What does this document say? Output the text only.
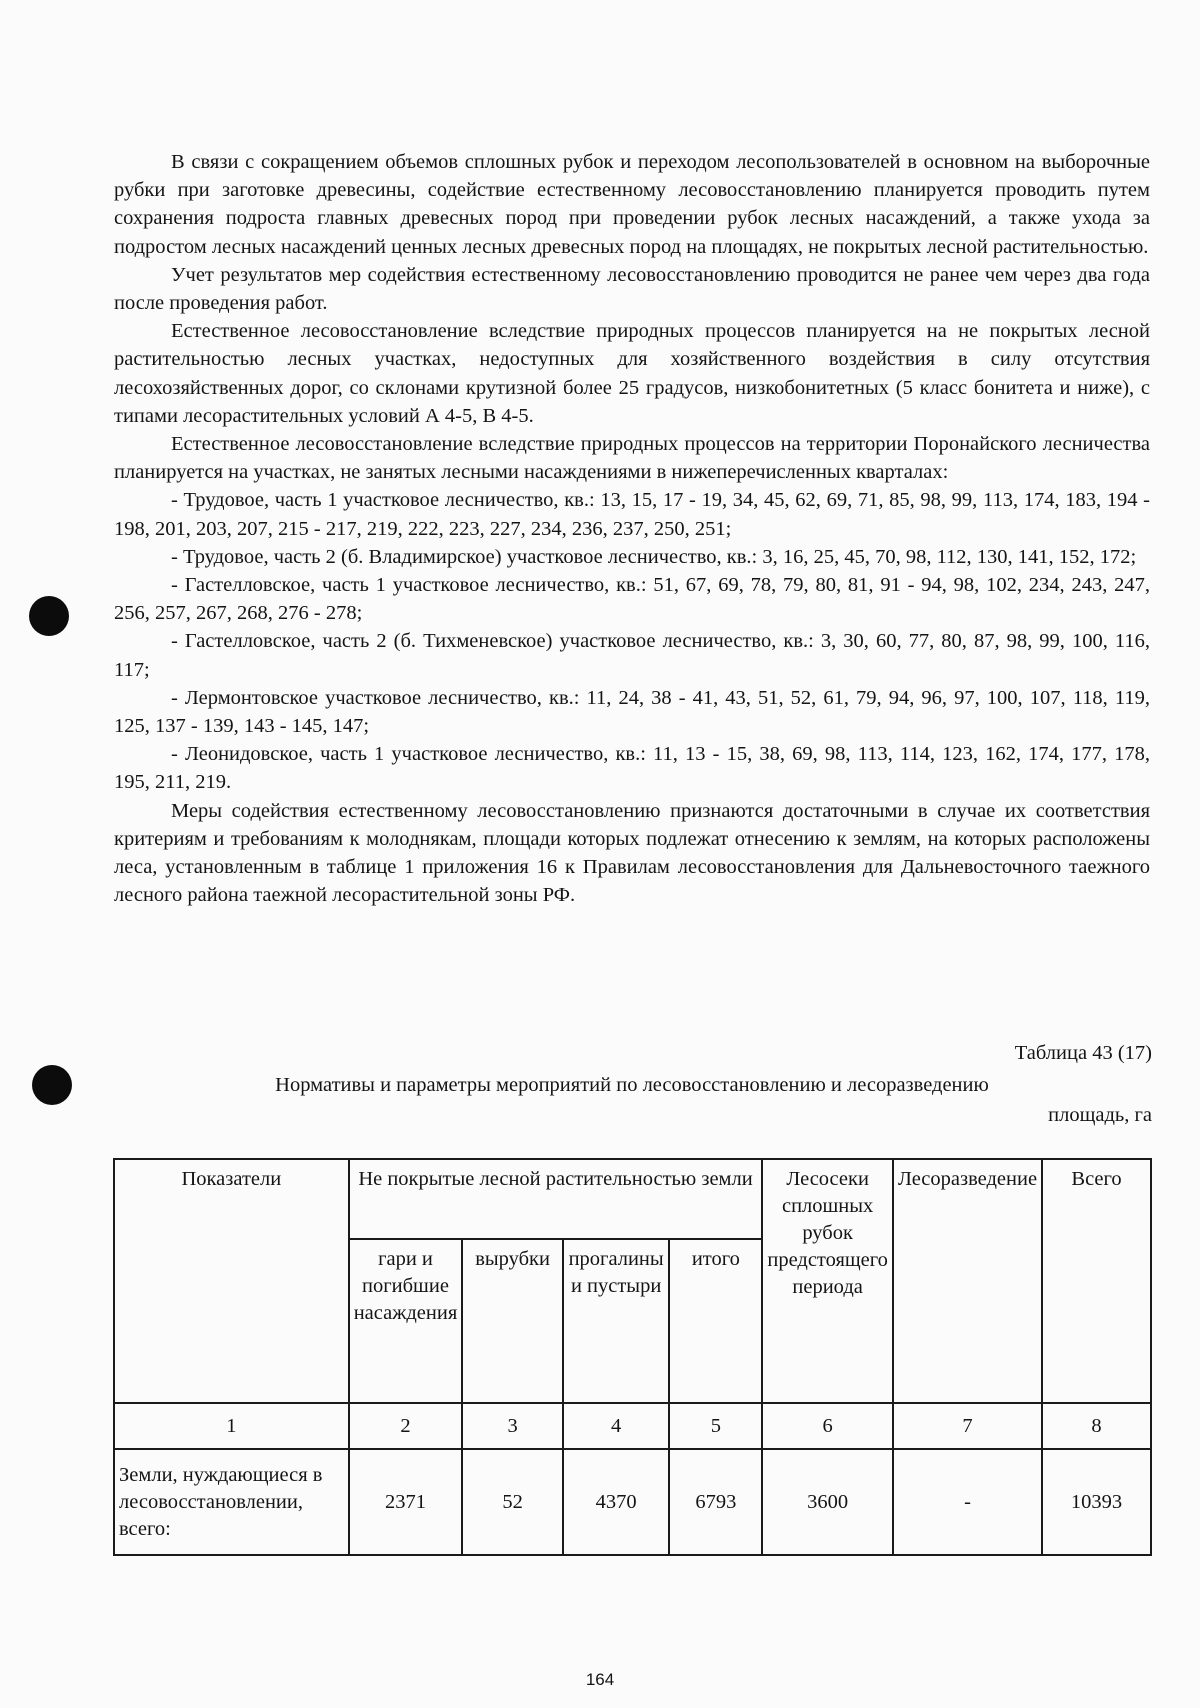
В связи с сокращением объемов сплошных рубок и переходом лесопользователей в основном на выборочные рубки при заготовке древесины, содействие естественному лесовосстановлению планируется проводить путем сохранения подроста главных древесных пород при проведении рубок лесных насаждений, а также ухода за подростом лесных насаждений ценных лесных древесных пород на площадях, не покрытых лесной растительностью.

Учет результатов мер содействия естественному лесовосстановлению проводится не ранее чем через два года после проведения работ.

Естественное лесовосстановление вследствие природных процессов планируется на не покрытых лесной растительностью лесных участках, недоступных для хозяйственного воздействия в силу отсутствия лесохозяйственных дорог, со склонами крутизной более 25 градусов, низкобонитетных (5 класс бонитета и ниже), с типами лесорастительных условий А 4-5, В 4-5.

Естественное лесовосстановление вследствие природных процессов на территории Поронайского лесничества планируется на участках, не занятых лесными насаждениями в нижеперечисленных кварталах:

- Трудовое, часть 1 участковое лесничество, кв.: 13, 15, 17 - 19, 34, 45, 62, 69, 71, 85, 98, 99, 113, 174, 183, 194 - 198, 201, 203, 207, 215 - 217, 219, 222, 223, 227, 234, 236, 237, 250, 251;

- Трудовое, часть 2 (б. Владимирское) участковое лесничество, кв.: 3, 16, 25, 45, 70, 98, 112, 130, 141, 152, 172;

- Гастелловское, часть 1 участковое лесничество, кв.: 51, 67, 69, 78, 79, 80, 81, 91 - 94, 98, 102, 234, 243, 247, 256, 257, 267, 268, 276 - 278;

- Гастелловское, часть 2 (б. Тихменевское) участковое лесничество, кв.: 3, 30, 60, 77, 80, 87, 98, 99, 100, 116, 117;

- Лермонтовское участковое лесничество, кв.: 11, 24, 38 - 41, 43, 51, 52, 61, 79, 94, 96, 97, 100, 107, 118, 119, 125, 137 - 139, 143 - 145, 147;

- Леонидовское, часть 1 участковое лесничество, кв.: 11, 13 - 15, 38, 69, 98, 113, 114, 123, 162, 174, 177, 178, 195, 211, 219.

Меры содействия естественному лесовосстановлению признаются достаточными в случае их соответствия критериям и требованиям к молоднякам, площади которых подлежат отнесению к землям, на которых расположены леса, установленным в таблице 1 приложения 16 к Правилам лесовосстановления для Дальневосточного таежного лесного района таежной лесорастительной зоны РФ.

Таблица 43 (17)
Нормативы и параметры мероприятий по лесовосстановлению и лесоразведению
площадь, га
Показатели	Не покрытые лесной растительностью земли				Лесосеки сплошных рубок предстоящего периода	Лесоразведение	Всего
	гари и погибшие насаждения	вырубки	прогалины и пустыри	итого			
1	2	3	4	5	6	7	8
Земли, нуждающиеся в лесовосстановлении, всего:	2371	52	4370	6793	3600	-	10393
164
